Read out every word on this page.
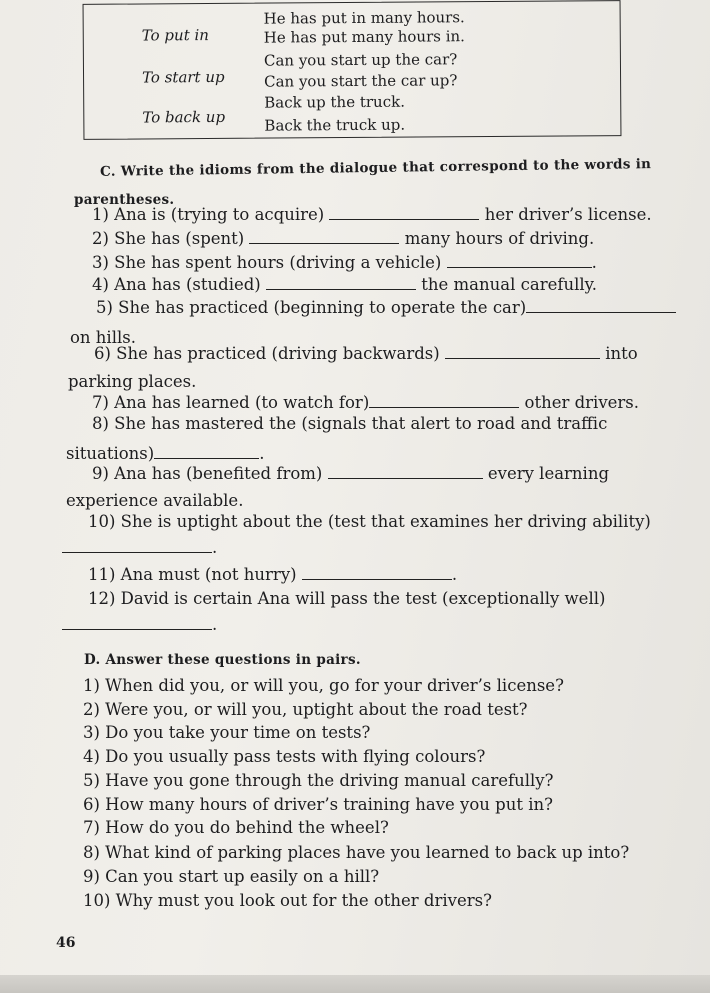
To put in
He has put in many hours.
He has put many hours in.
To start up
Can you start up the car?
Can you start the car up?
To back up
Back up the truck.
Back the truck up.
C. Write the idioms from the dialogue that correspond to the words in
parentheses.
1) Ana is (trying to acquire)	her driver’s license.
2) She has (spent)	many hours of driving.
3) She has spent hours (driving a vehicle)	.
4) Ana has (studied)	the manual carefully.
5) She has practiced (beginning to operate the car)
on hills.
6) She has practiced (driving backwards)	into
parking places.
7) Ana has learned (to watch for)	other drivers.
8) She has mastered the (signals that alert to road and traffic
situations)	.
9) Ana has (benefited from)	every learning
experience available.
10) She is uptight about the (test that examines her driving ability)
.
11) Ana must (not hurry)	.
12) David is certain Ana will pass the test (exceptionally well)
.
D. Answer these questions in pairs.
1) When did you, or will you, go for your driver’s license?
2) Were you, or will you, uptight about the road test?
3) Do you take your time on tests?
4) Do you usually pass tests with flying colours?
5) Have you gone through the driving manual carefully?
6) How many hours of driver’s training have you put in?
7) How do you do behind the wheel?
8) What kind of parking places have you learned to back up into?
9) Can you start up easily on a hill?
10) Why must you look out for the other drivers?
46
